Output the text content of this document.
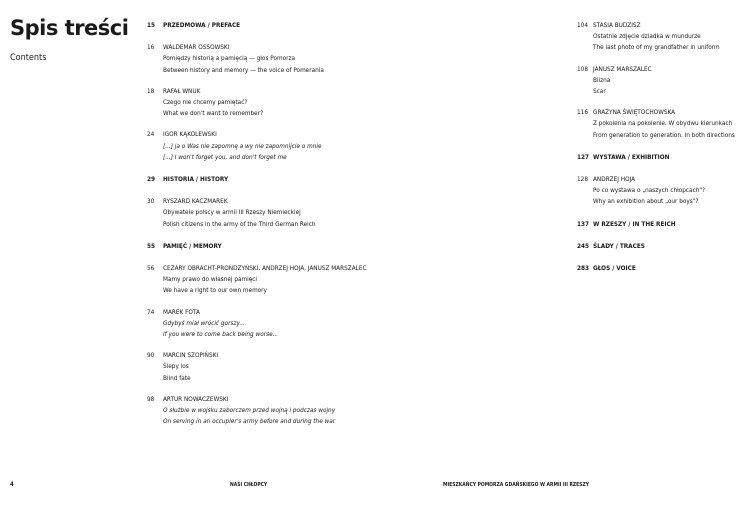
Spis treści
Contents
15	PRZEDMOWA / PREFACE
16	WALDEMAR OSSOWSKI
Pomiędzy historią a pamięcią — głos Pomorza
Between history and memory — the voice of Pomerania
18	RAFAŁ WNUK
Czego nie chcemy pamiętać?
What we don't want to remember?
24	IGOR KĄKOLEWSKI
[...] ja o Was nie zapomnę a wy nie zapomnijcie o mnie
[...] I won't forget you, and don't forget me
29	HISTORIA / HISTORY
30	RYSZARD KACZMAREK
Obywatele polscy w armii III Rzeszy Niemieckiej
Polish citizens in the army of the Third German Reich
55	PAMIĘĆ / MEMORY
56	CEZARY OBRACHT-PRONDZYŃSKI, ANDRZEJ HOJA, JANUSZ MARSZALEC
Mamy prawo do własnej pamięci
We have a right to our own memory
74	MAREK FOTA
Gdybyś miał wrócić gorszy...
If you were to come back being worse...
90	MARCIN SZOPIŃSKI
Ślepy los
Blind fate
98	ARTUR NOWACZEWSKI
O służbie w wojsku zaborczem przed wojną i podczas wojny
On serving in an occupier's army before and during the war
104 STASIA BUDZISZ
Ostatnie zdjęcie dziadka w mundurze
The last photo of my grandfather in uniform
108 JANUSZ MARSZALEC
Blizna
Scar
116 GRAŻYNA ŚWIĘTOCHOWSKA
Z pokolenia na pokolenie. W obydwu kierunkach
From generation to generation. In both directions
127 WYSTAWA / EXHIBITION
128 ANDRZEJ HOJA
Po co wystawa o „naszych chłopcach"?
Why an exhibition about „our boys"?
137 W RZESZY / IN THE REICH
245 ŚLADY / TRACES
283 GŁOS / VOICE
4	NASI CHŁOPCY	MIESZKAŃCY POMORZA GDAŃSKIEGO W ARMII III RZESZY
